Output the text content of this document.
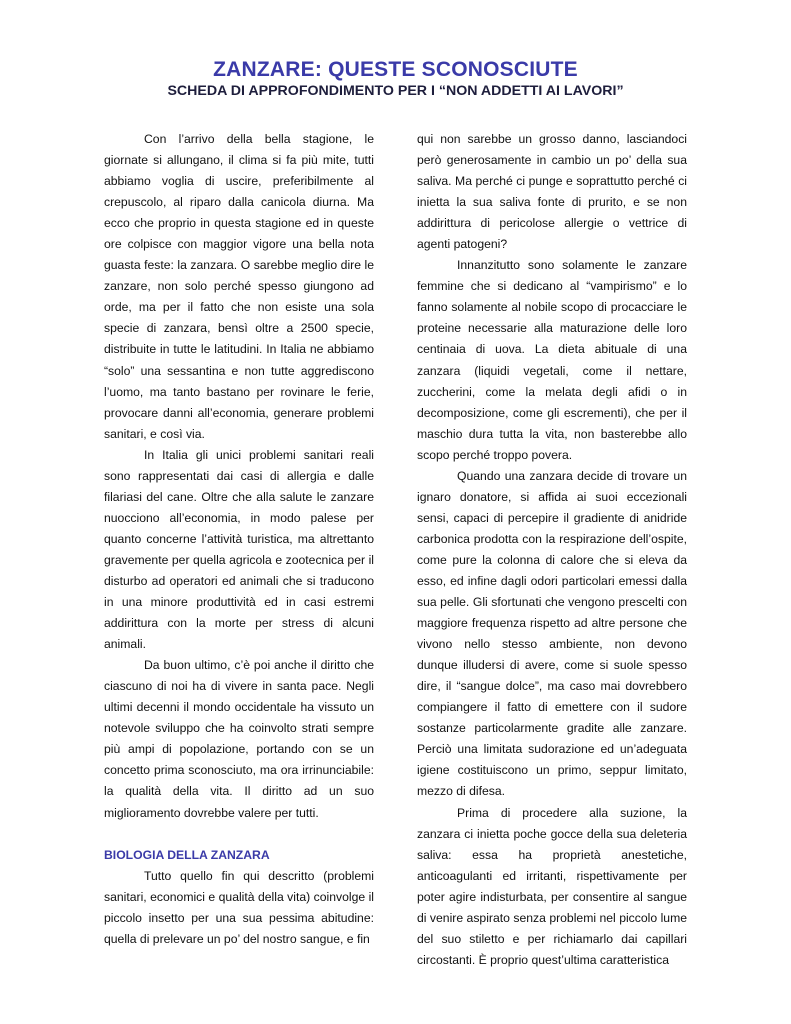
ZANZARE: QUESTE SCONOSCIUTE
SCHEDA DI APPROFONDIMENTO PER I “NON ADDETTI AI LAVORI”

Con l’arrivo della bella stagione, le giornate si allungano, il clima si fa più mite, tutti abbiamo voglia di uscire, preferibilmente al crepuscolo, al riparo dalla canicola diurna. Ma ecco che proprio in questa stagione ed in queste ore colpisce con maggior vigore una bella nota guasta feste: la zanzara. O sarebbe meglio dire le zanzare, non solo perché spesso giungono ad orde, ma per il fatto che non esiste una sola specie di zanzara, bensì oltre a 2500 specie, distribuite in tutte le latitudini. In Italia ne abbiamo “solo” una sessantina e non tutte aggrediscono l’uomo, ma tanto bastano per rovinare le ferie, provocare danni all’economia, generare problemi sanitari, e così via.

In Italia gli unici problemi sanitari reali sono rappresentati dai casi di allergia e dalle filariasi del cane. Oltre che alla salute le zanzare nuocciono all’economia, in modo palese per quanto concerne l’attività turistica, ma altrettanto gravemente per quella agricola e zootecnica per il disturbo ad operatori ed animali che si traducono in una minore produttività ed in casi estremi addirittura con la morte per stress di alcuni animali.

Da buon ultimo, c’è poi anche il diritto che ciascuno di noi ha di vivere in santa pace. Negli ultimi decenni il mondo occidentale ha vissuto un notevole sviluppo che ha coinvolto strati sempre più ampi di popolazione, portando con se un concetto prima sconosciuto, ma ora irrinunciabile: la qualità della vita. Il diritto ad un suo miglioramento dovrebbe valere per tutti.

BIOLOGIA DELLA ZANZARA

Tutto quello fin qui descritto (problemi sanitari, economici e qualità della vita) coinvolge il piccolo insetto per una sua pessima abitudine: quella di prelevare un po’ del nostro sangue, e fin

qui non sarebbe un grosso danno, lasciandoci però generosamente in cambio un po’ della sua saliva. Ma perché ci punge e soprattutto perché ci inietta la sua saliva fonte di prurito, e se non addirittura di pericolose allergie o vettrice di agenti patogeni?

Innanzitutto sono solamente le zanzare femmine che si dedicano al “vampirismo” e lo fanno solamente al nobile scopo di procacciare le proteine necessarie alla maturazione delle loro centinaia di uova. La dieta abituale di una zanzara (liquidi vegetali, come il nettare, zuccherini, come la melata degli afidi o in decomposizione, come gli escrementi), che per il maschio dura tutta la vita, non basterebbe allo scopo perché troppo povera.

Quando una zanzara decide di trovare un ignaro donatore, si affida ai suoi eccezionali sensi, capaci di percepire il gradiente di anidride carbonica prodotta con la respirazione dell’ospite, come pure la colonna di calore che si eleva da esso, ed infine dagli odori particolari emessi dalla sua pelle. Gli sfortunati che vengono prescelti con maggiore frequenza rispetto ad altre persone che vivono nello stesso ambiente, non devono dunque illudersi di avere, come si suole spesso dire, il “sangue dolce”, ma caso mai dovrebbero compiangere il fatto di emettere con il sudore sostanze particolarmente gradite alle zanzare. Perciò una limitata sudorazione ed un’adeguata igiene costituiscono un primo, seppur limitato, mezzo di difesa.

Prima di procedere alla suzione, la zanzara ci inietta poche gocce della sua deleteria saliva: essa ha proprietà anestetiche, anticoagulanti ed irritanti, rispettivamente per poter agire indisturbata, per consentire al sangue di venire aspirato senza problemi nel piccolo lume del suo stiletto e per richiamarlo dai capillari circostanti. È proprio quest’ultima caratteristica
